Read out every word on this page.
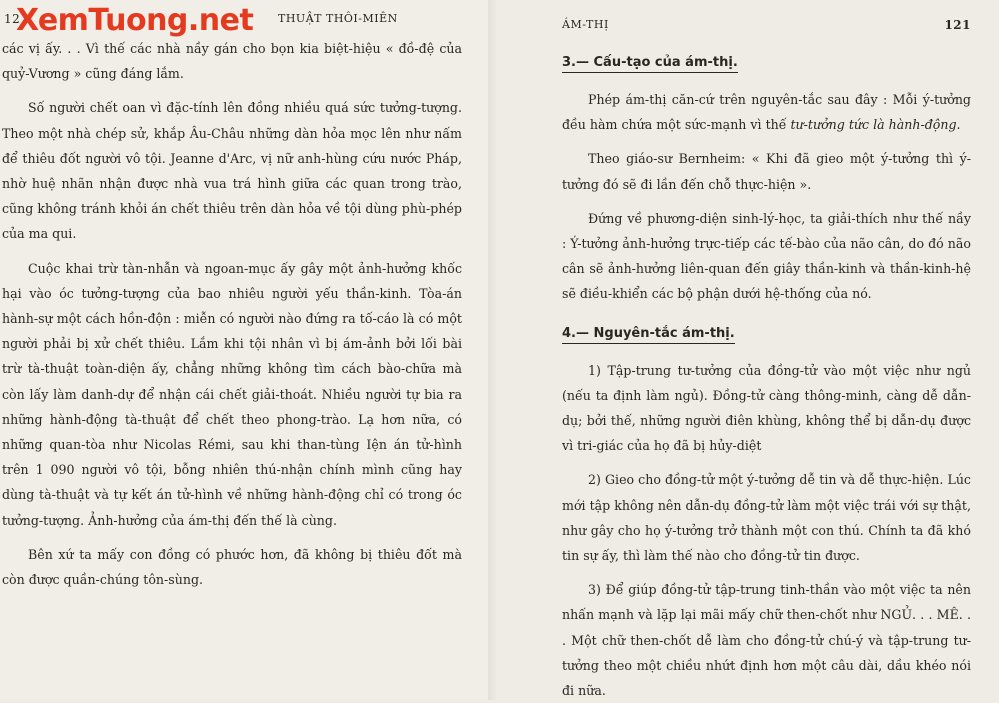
12
XemTuong.net THUẬT THÔI-MIÊN

các vị ấy. . . Vì thế các nhà nầy gán cho bọn kia biệt-hiệu « đồ-đệ của quỷ-Vương » cũng đáng lắm.

Số người chết oan vì đặc-tính lên đồng nhiều quá sức tưởng-tượng. Theo một nhà chép sử, khắp Âu-Châu những dàn hỏa mọc lên như nấm để thiêu đốt người vô tội. Jeanne d'Arc, vị nữ anh-hùng cứu nước Pháp, nhờ huệ nhãn nhận được nhà vua trá hình giữa các quan trong trào, cũng không tránh khỏi án chết thiêu trên dàn hỏa về tội dùng phù-phép của ma qui.

Cuộc khai trừ tàn-nhẫn và ngoan-mục ấy gây một ảnh-hưởng khốc hại vào óc tưởng-tượng của bao nhiêu người yếu thần-kinh. Tòa-án hành-sự một cách hồn-độn : miễn có người nào đứng ra tố-cáo là có một người phải bị xử chết thiêu. Lắm khi tội nhân vì bị ám-ảnh bởi lối bài trừ tà-thuật toàn-diện ấy, chẳng những không tìm cách bào-chữa mà còn lấy làm danh-dự để nhận cái chết giải-thoát. Nhiều người tự bia ra những hành-động tà-thuật để chết theo phong-trào. Lạ hơn nữa, có những quan-tòa như Nicolas Rémi, sau khi than-tùng Iện án tử-hình trên 1 090 người vô tội, bỗng nhiên thú-nhận chính mình cũng hay dùng tà-thuật và tự kết án tử-hình về những hành-động chỉ có trong óc tưởng-tượng. Ảnh-hưởng của ám-thị đến thế là cùng.

Bên xứ ta mấy con đồng có phước hơn, đã không bị thiêu đốt mà còn được quần-chúng tôn-sùng.

ÁM-THỊ	121
3.— Cấu-tạo của ám-thị.

Phép ám-thị căn-cứ trên nguyên-tắc sau đây : Mỗi ý-tưởng đều hàm chứa một sức-mạnh vì thế tư-tưởng tức là hành-động.

Theo giáo-sư Bernheim: « Khi đã gieo một ý-tưởng thì ý-tưởng đó sẽ đi lần đến chỗ thực-hiện ».

Đứng về phương-diện sinh-lý-học, ta giải-thích như thế nầy : Ý-tưởng ảnh-hưởng trực-tiếp các tế-bào của não cân, do đó não cân sẽ ảnh-hưởng liên-quan đến giây thần-kinh và thần-kinh-hệ sẽ điều-khiển các bộ phận dưới hệ-thống của nó.

4.— Nguyên-tắc ám-thị.

1) Tập-trung tư-tưởng của đồng-tử vào một việc như ngủ (nếu ta định làm ngủ). Đồng-tử càng thông-minh, càng dễ dẫn-dụ; bởi thế, những người điên khùng, không thể bị dẫn-dụ được vì tri-giác của họ đã bị hủy-diệt

2) Gieo cho đồng-tử một ý-tưởng dễ tin và dễ thực-hiện. Lúc mới tập không nên dẫn-dụ đồng-tử làm một việc trái với sự thật, như gây cho họ ý-tưởng trở thành một con thú. Chính ta đã khó tin sự ấy, thì làm thế nào cho đồng-tử tin được.

3) Để giúp đồng-tử tập-trung tinh-thần vào một việc ta nên nhấn mạnh và lặp lại mãi mấy chữ then-chốt như NGỦ. . . MÊ. . . Một chữ then-chốt dễ làm cho đồng-tử chú-ý và tập-trung tư-tưởng theo một chiều nhứt định hơn một câu dài, dầu khéo nói đi nữa.
